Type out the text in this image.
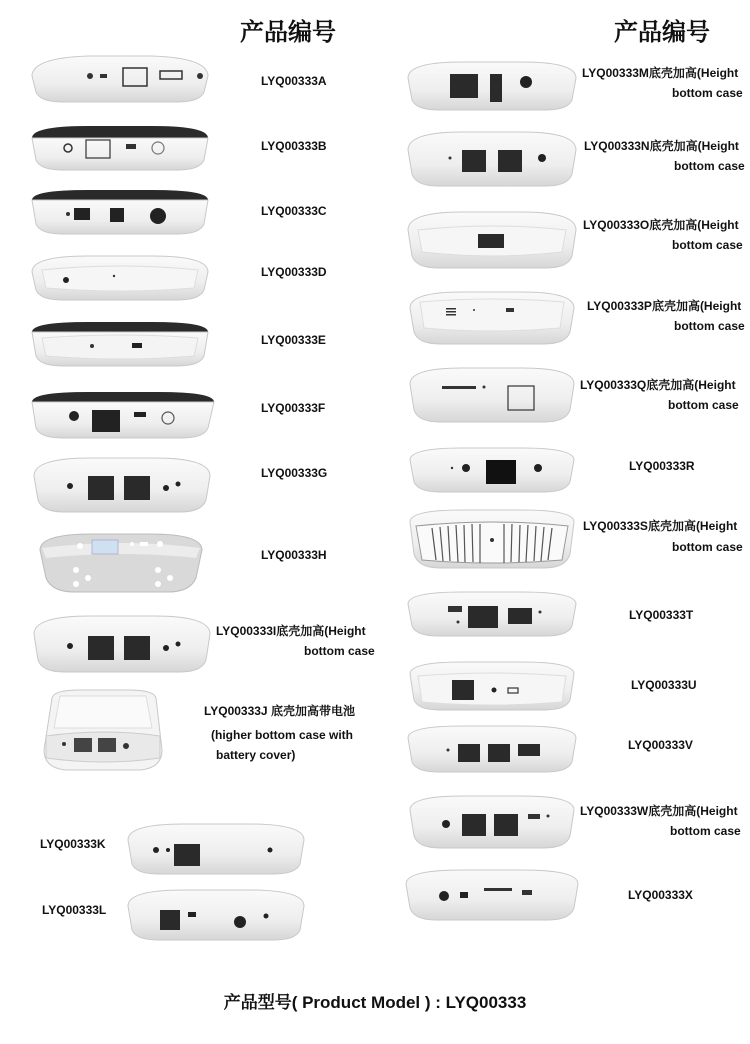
产品编号	产品编号
LYQ00333A
LYQ00333B
LYQ00333C
LYQ00333D
LYQ00333E
LYQ00333F
LYQ00333G
LYQ00333H
LYQ00333I底壳加高(Height
bottom case
LYQ00333J 底壳加高带电池
(higher bottom case with
battery cover)
LYQ00333K
LYQ00333L
LYQ00333M底壳加高(Height
bottom case
LYQ00333N底壳加高(Height
bottom case
LYQ00333O底壳加高(Height
bottom case
LYQ00333P底壳加高(Height
bottom case
LYQ00333Q底壳加高(Height
bottom case
LYQ00333R
LYQ00333S底壳加高(Height
bottom case
LYQ00333T
LYQ00333U
LYQ00333V
LYQ00333W底壳加高(Height
bottom case
LYQ00333X
产品型号( Product Model ) : LYQ00333
